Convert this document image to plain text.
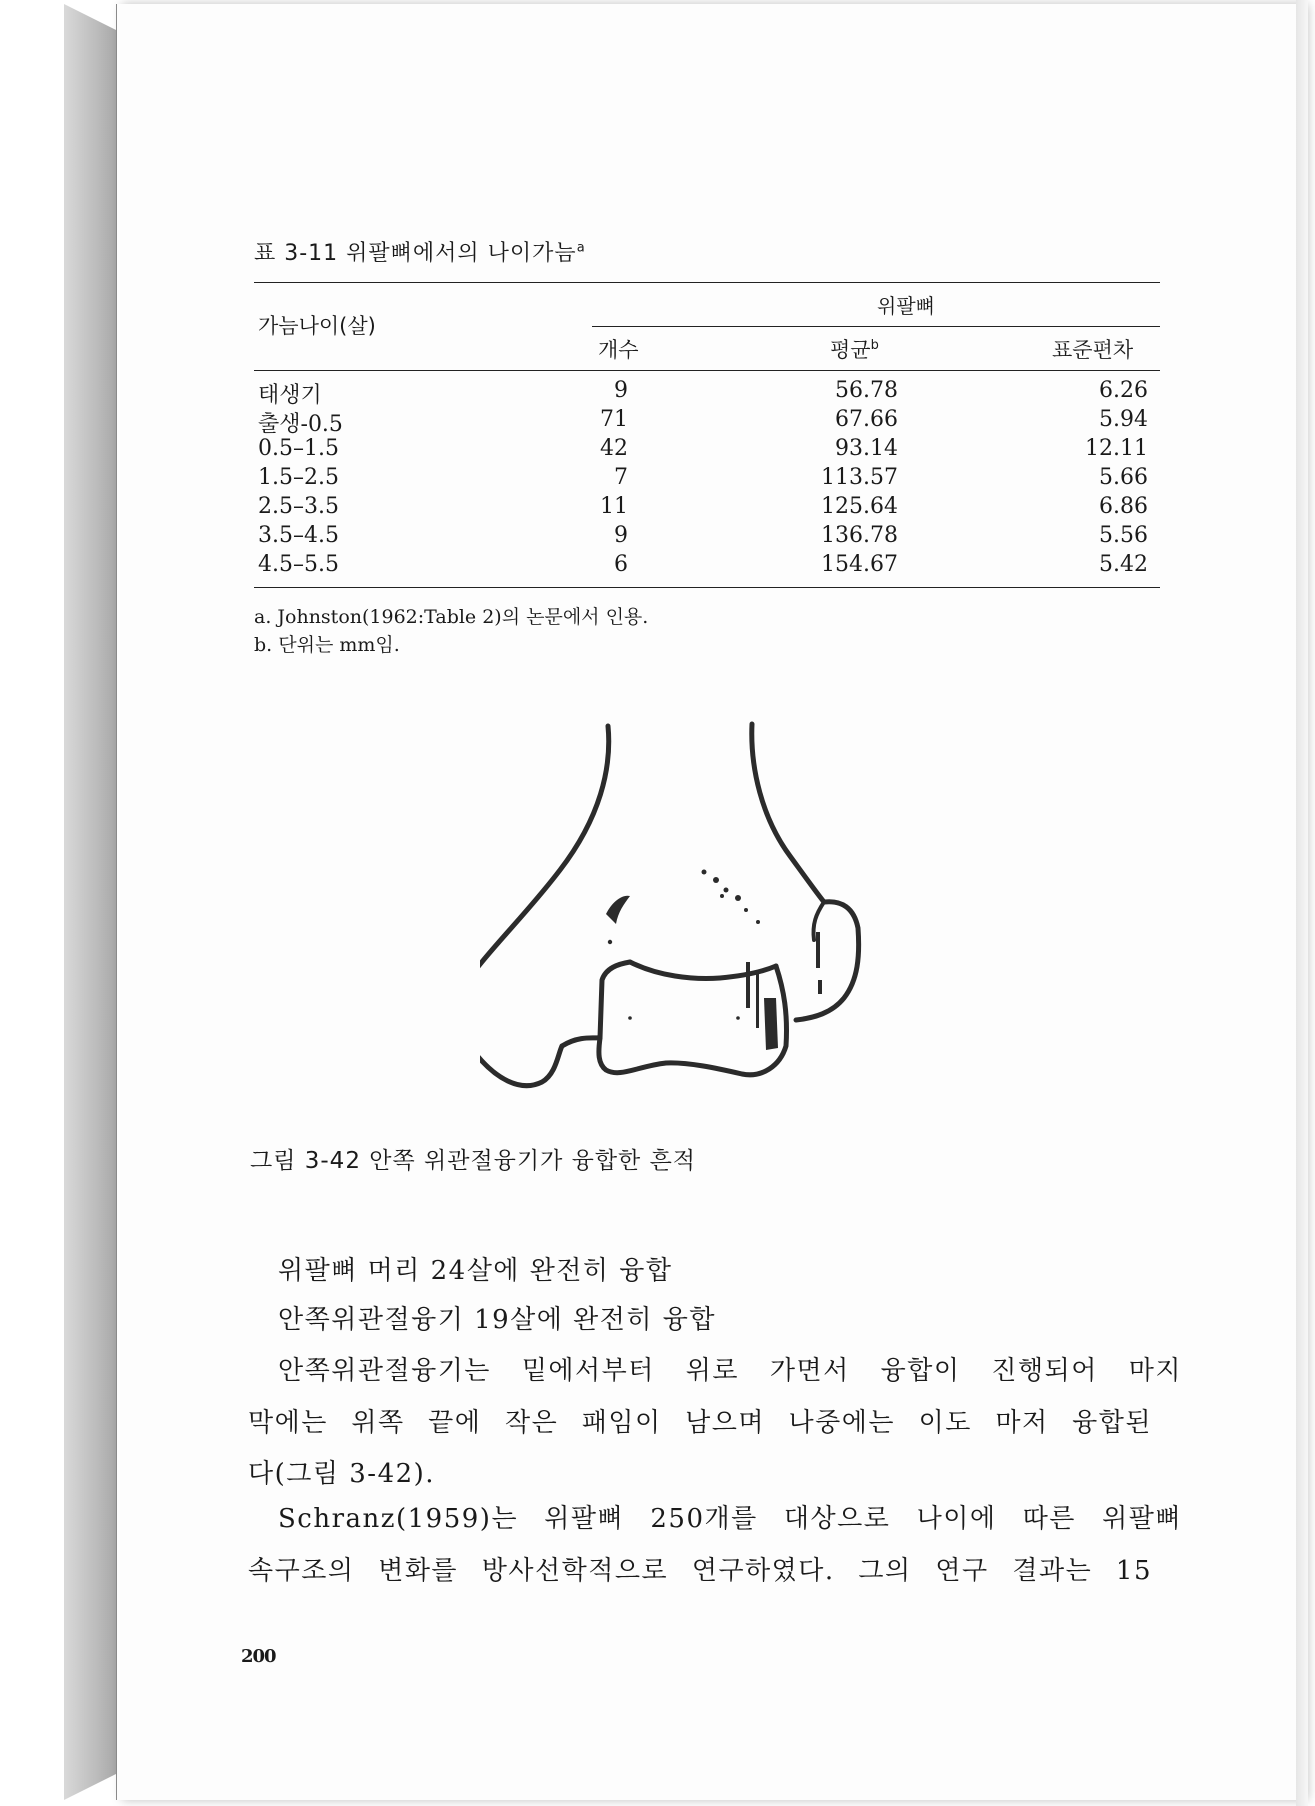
표 3-11 위팔뼈에서의 나이가늠$^a$
가늠나이(살)
위팔뼈
개수	평균$^b$	표준편차
태생기	9	56.78	6.26
출생-0.5	71	67.66	5.94
0.5–1.5	42	93.14	12.11
1.5–2.5	7	113.57	5.66
2.5–3.5	11	125.64	6.86
3.5–4.5	9	136.78	5.56
4.5–5.5	6	154.67	5.42
a. Johnston(1962:Table 2)의 논문에서 인용.
b. 단위는 mm임.
그림 3-42 안쪽 위관절융기가 융합한 흔적
위팔뼈 머리 24살에 완전히 융합
안쪽위관절융기 19살에 완전히 융합
안쪽위관절융기는 밑에서부터 위로 가면서 융합이 진행되어 마지
막에는 위쪽 끝에 작은 패임이 남으며 나중에는 이도 마저 융합된
다(그림 3-42).
Schranz(1959)는 위팔뼈 250개를 대상으로 나이에 따른 위팔뼈
속구조의 변화를 방사선학적으로 연구하였다. 그의 연구 결과는 15
200
